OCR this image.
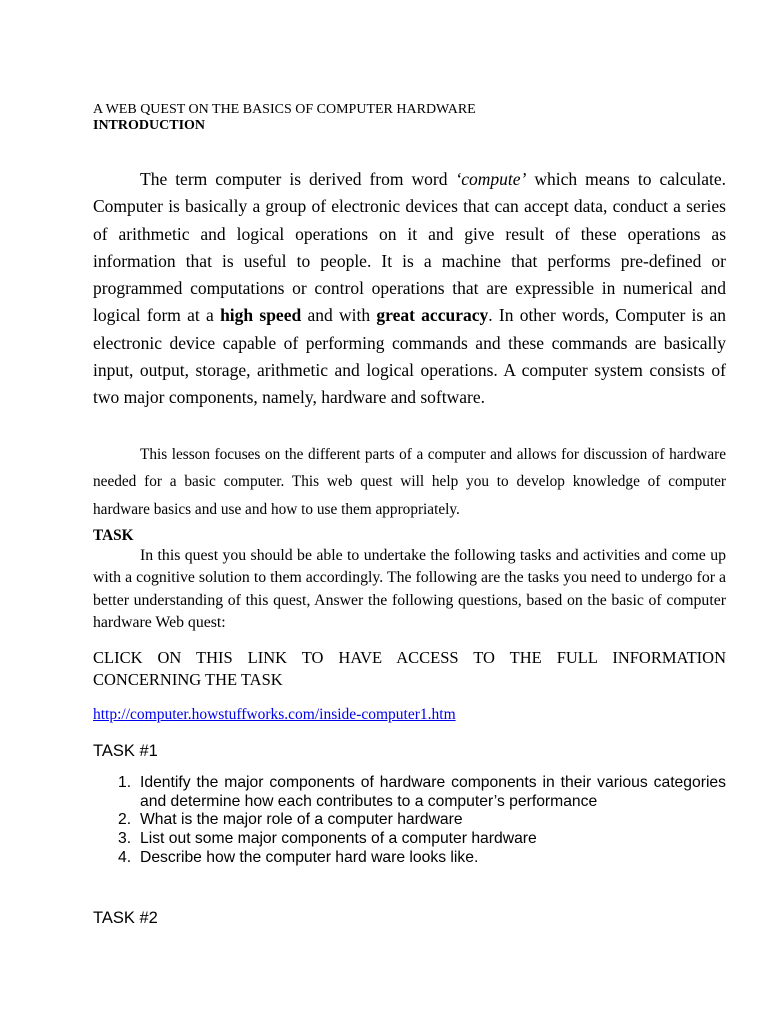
A WEB QUEST ON THE BASICS OF COMPUTER HARDWARE
INTRODUCTION

The term computer is derived from word ‘compute’ which means to calculate. Computer is basically a group of electronic devices that can accept data, conduct a series of arithmetic and logical operations on it and give result of these operations as information that is useful to people. It is a machine that performs pre-defined or programmed computations or control operations that are expressible in numerical and logical form at a high speed and with great accuracy. In other words, Computer is an electronic device capable of performing commands and these commands are basically input, output, storage, arithmetic and logical operations. A computer system consists of two major components, namely, hardware and software.

This lesson focuses on the different parts of a computer and allows for discussion of hardware needed for a basic computer. This web quest will help you to develop knowledge of computer hardware basics and use and how to use them appropriately.

TASK

In this quest you should be able to undertake the following tasks and activities and come up with a cognitive solution to them accordingly. The following are the tasks you need to undergo for a better understanding of this quest, Answer the following questions, based on the basic of computer hardware Web quest:

CLICK ON THIS LINK TO HAVE ACCESS TO THE FULL INFORMATION CONCERNING THE TASK

http://computer.howstuffworks.com/inside-computer1.htm
TASK #1
1. Identify the major components of hardware components in their various categories and determine how each contributes to a computer’s performance
2. What is the major role of a computer hardware
3. List out some major components of a computer hardware
4. Describe how the computer hard ware looks like.
TASK #2
